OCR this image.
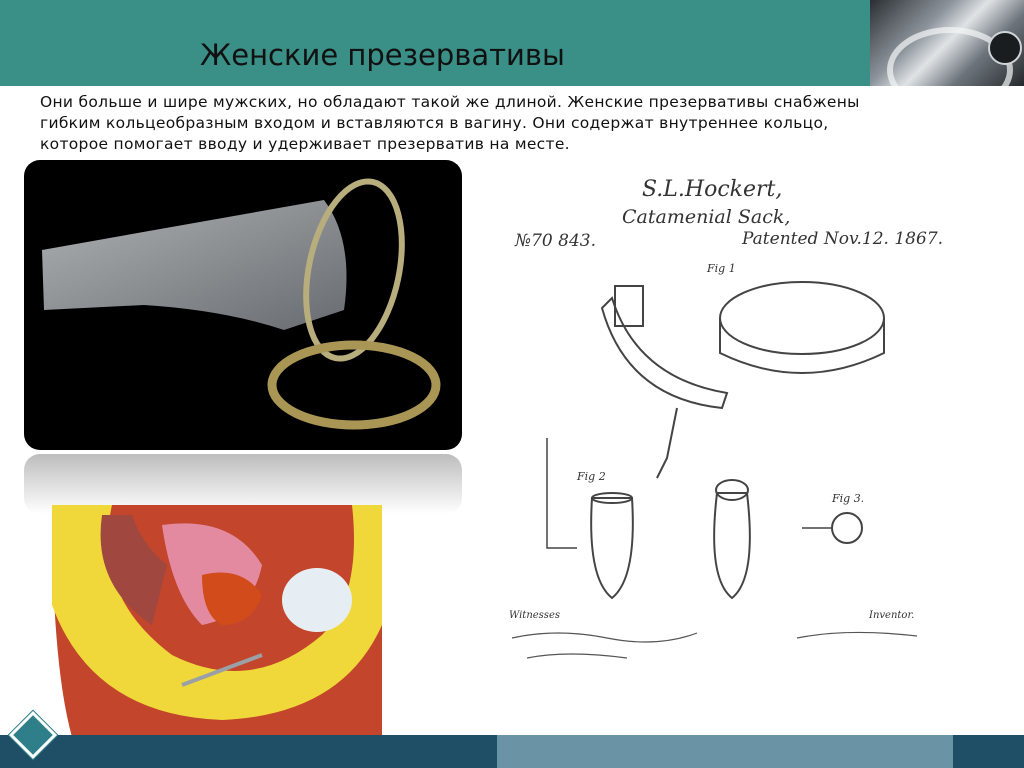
Женские презервативы

Они больше и шире мужских, но обладают такой же длиной. Женские презервативы снабжены гибким кольцеобразным входом и вставляются в вагину. Они содержат внутреннее кольцо, которое помогает вводу и удерживает презерватив на месте.

S.L.Hockert,
Catamenial Sack,
№70 843.	Patented Nov.12. 1867.
Fig 1
Fig 2
Fig 3.
Witnesses	Inventor.
